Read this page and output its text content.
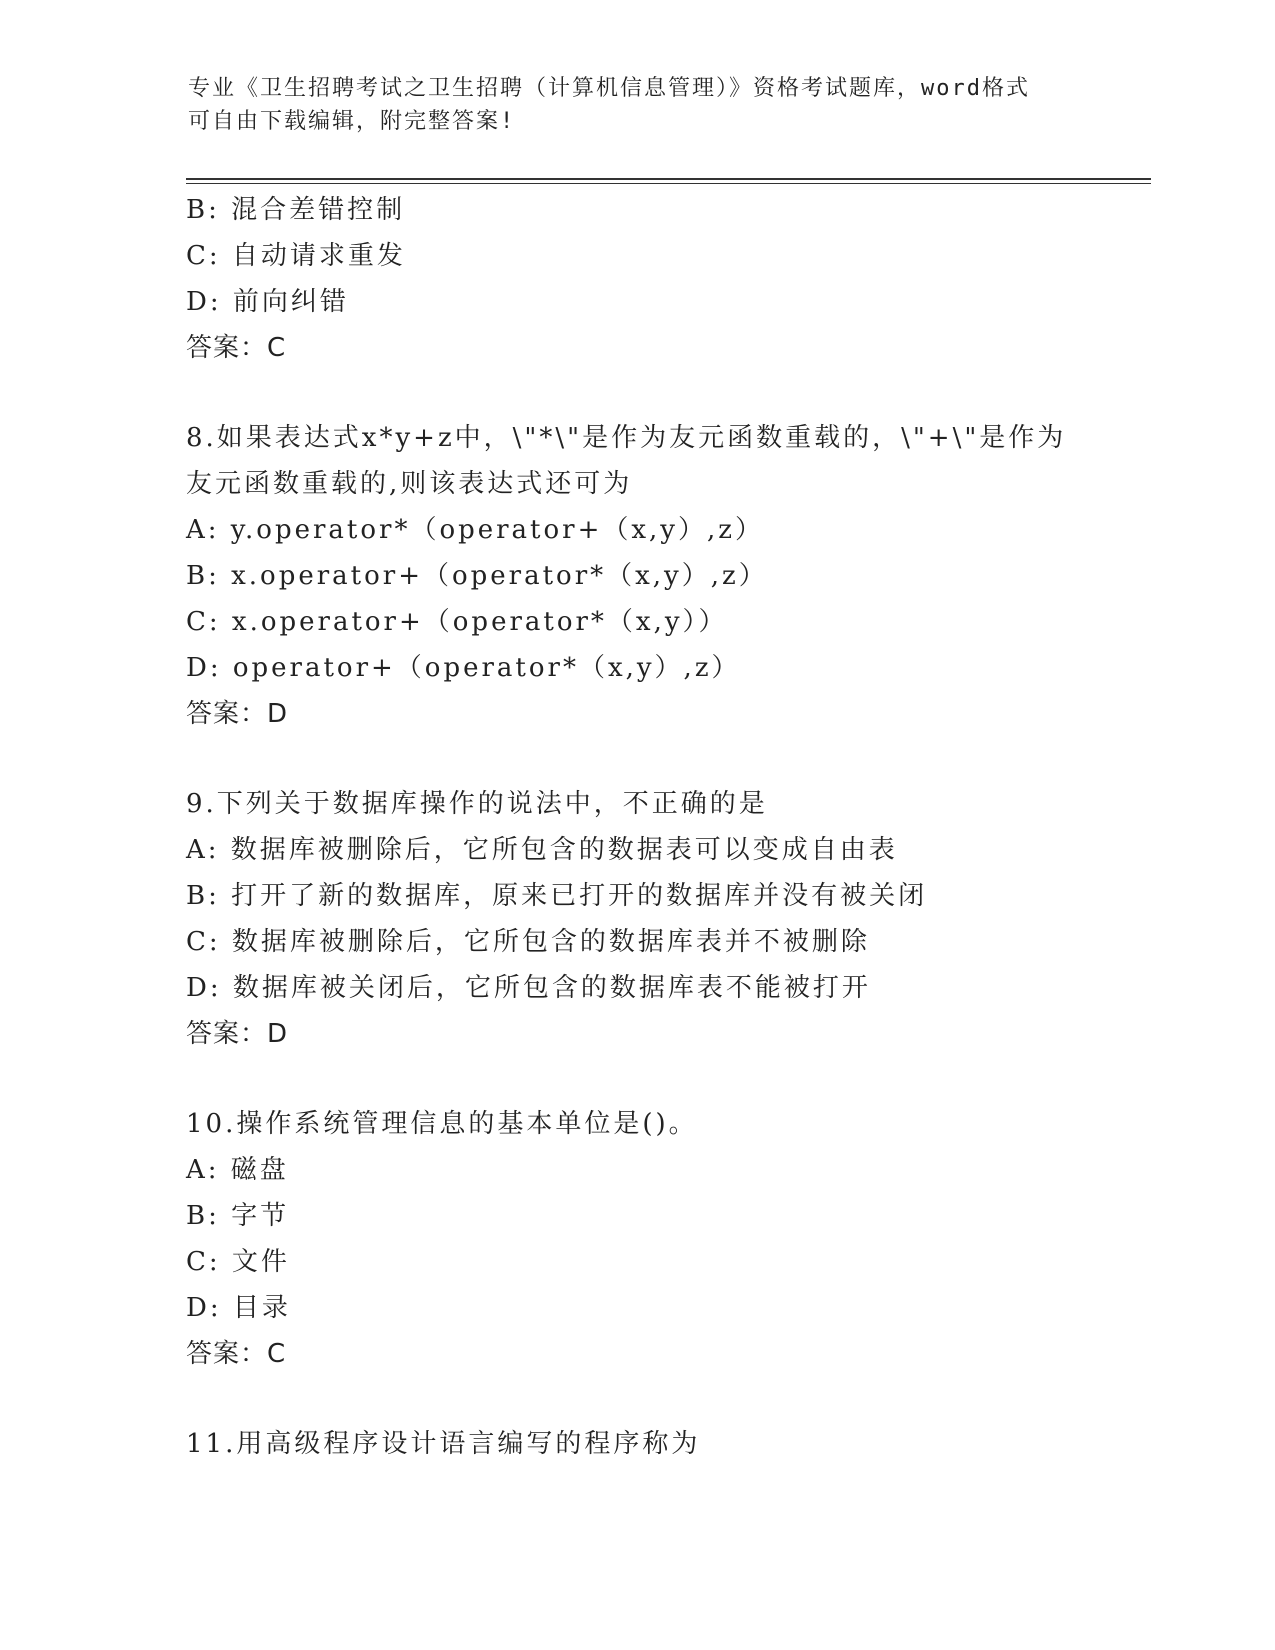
专业《卫生招聘考试之卫生招聘（计算机信息管理）》资格考试题库，word格式
可自由下载编辑，附完整答案!
B: 混合差错控制
C: 自动请求重发
D: 前向纠错
答案：C
8.如果表达式x*y+z中，\"*\"是作为友元函数重载的，\"+\"是作为
友元函数重载的,则该表达式还可为
A: y.operator*（operator+（x,y）,z）
B: x.operator+（operator*（x,y）,z）
C: x.operator+（operator*（x,y））
D: operator+（operator*（x,y）,z）
答案：D
9.下列关于数据库操作的说法中，不正确的是
A: 数据库被删除后，它所包含的数据表可以变成自由表
B: 打开了新的数据库，原来已打开的数据库并没有被关闭
C: 数据库被删除后，它所包含的数据库表并不被删除
D: 数据库被关闭后，它所包含的数据库表不能被打开
答案：D
10.操作系统管理信息的基本单位是()。
A: 磁盘
B: 字节
C: 文件
D: 目录
答案：C
11.用高级程序设计语言编写的程序称为
